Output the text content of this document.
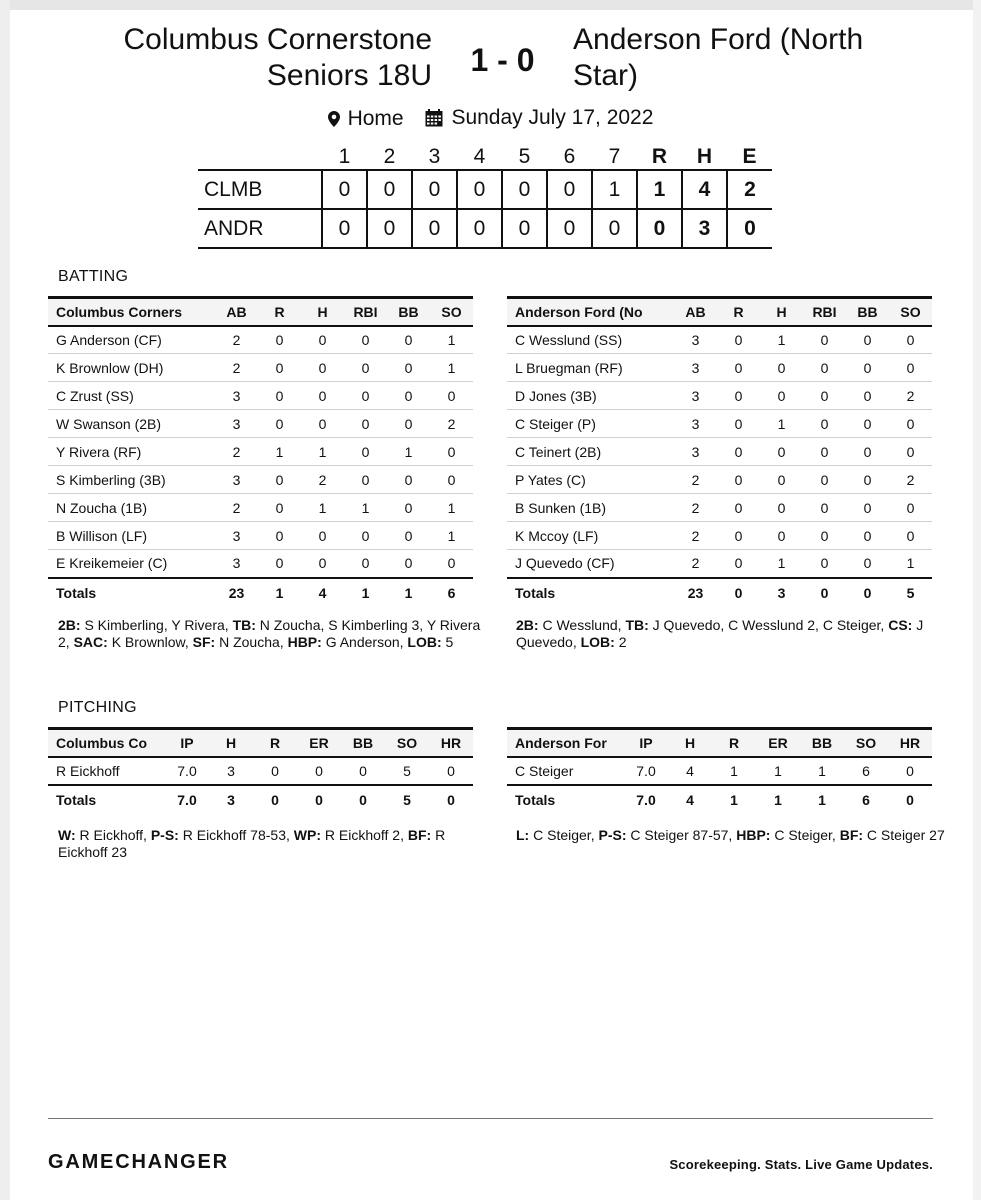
Columbus Cornerstone
Seniors 18U	1 - 0
Anderson Ford (North
Star)
Home
Sunday July 17, 2022
	1	2	3	4	5	6	7	R	H	E
CLMB	0	0	0	0	0	0	1	1	4	2
ANDR	0	0	0	0	0	0	0	0	3	0
BATTING
Columbus Corners	AB	R	H	RBI	BB	SO
G Anderson (CF)	2	0	0	0	0	1
K Brownlow (DH)	2	0	0	0	0	1
C Zrust (SS)	3	0	0	0	0	0
W Swanson (2B)	3	0	0	0	0	2
Y Rivera (RF)	2	1	1	0	1	0
S Kimberling (3B)	3	0	2	0	0	0
N Zoucha (1B)	2	0	1	1	0	1
B Willison (LF)	3	0	0	0	0	1
E Kreikemeier (C)	3	0	0	0	0	0
Totals	23	1	4	1	1	6
Anderson Ford (No	AB	R	H	RBI	BB	SO
C Wesslund (SS)	3	0	1	0	0	0
L Bruegman (RF)	3	0	0	0	0	0
D Jones (3B)	3	0	0	0	0	2
C Steiger (P)	3	0	1	0	0	0
C Teinert (2B)	3	0	0	0	0	0
P Yates (C)	2	0	0	0	0	2
B Sunken (1B)	2	0	0	0	0	0
K Mccoy (LF)	2	0	0	0	0	0
J Quevedo (CF)	2	0	1	0	0	1
Totals	23	0	3	0	0	5
2B: S Kimberling, Y Rivera, TB: N Zoucha, S Kimberling 3, Y Rivera 2, SAC: K Brownlow, SF: N Zoucha, HBP: G Anderson, LOB: 5
2B: C Wesslund, TB: J Quevedo, C Wesslund 2, C Steiger, CS: J Quevedo, LOB: 2
PITCHING
Columbus Co	IP	H	R	ER	BB	SO	HR
R Eickhoff	7.0	3	0	0	0	5	0
Totals	7.0	3	0	0	0	5	0
Anderson For	IP	H	R	ER	BB	SO	HR
C Steiger	7.0	4	1	1	1	6	0
Totals	7.0	4	1	1	1	6	0
W: R Eickhoff, P-S: R Eickhoff 78-53, WP: R Eickhoff 2, BF: R Eickhoff 23
L: C Steiger, P-S: C Steiger 87-57, HBP: C Steiger, BF: C Steiger 27
GAMECHANGER	Scorekeeping. Stats. Live Game Updates.
